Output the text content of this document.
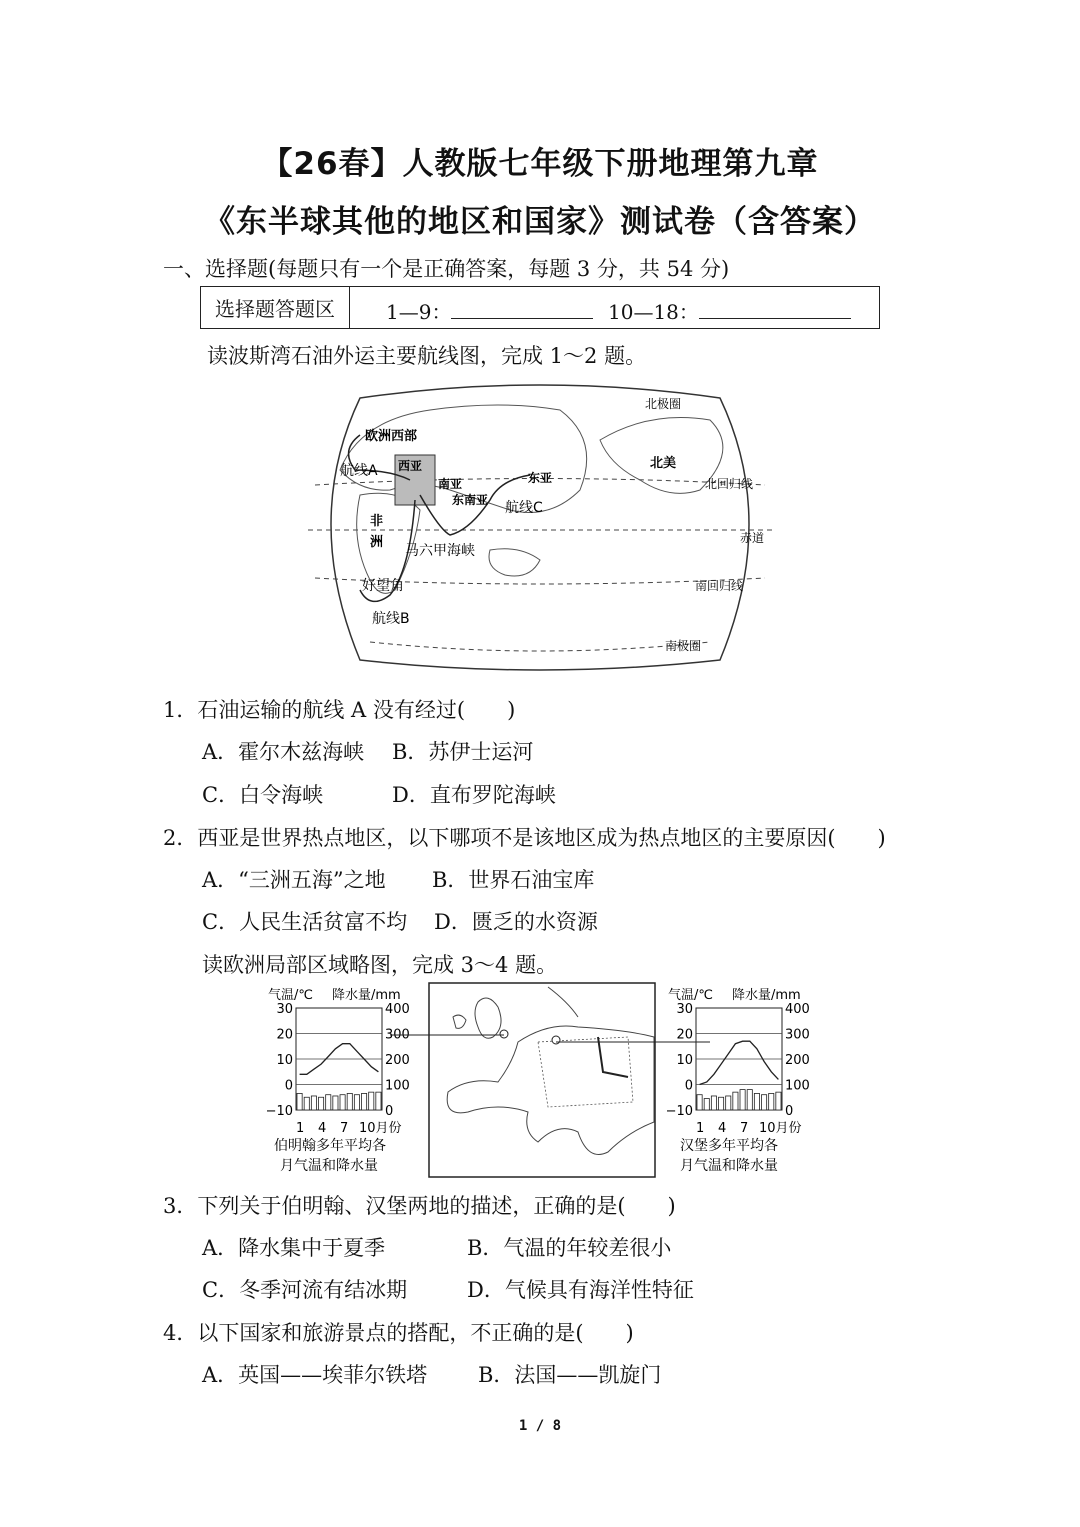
【26春】人教版七年级下册地理第九章
《东半球其他的地区和国家》测试卷（含答案）
一、选择题(每题只有一个是正确答案，每题 3 分，共 54 分)
选择题答题区	1—9：	10—18：
读波斯湾石油外运主要航线图，完成 1～2 题。
欧洲西部
航线A 西亚
南亚	东亚
东南亚 航线C
北美
北回归线
赤道
非
洲
马六甲海峡
好望角
航线B
南回归线
南极圈
北极圈
1．石油运输的航线 A 没有经过(　　)
A．霍尔木兹海峡 B．苏伊士运河
C．白令海峡	D．直布罗陀海峡
2．西亚是世界热点地区，以下哪项不是该地区成为热点地区的主要原因(　　)
A．“三洲五海”之地 B．世界石油宝库
C．人民生活贫富不均 D．匮乏的水资源
读欧洲局部区域略图，完成 3～4 题。
气温/℃ 降水量/mm
30
20
10
0
−10
400
300
200
100
0
1 4 7 10月份
伯明翰多年平均各
月气温和降水量
气温/℃ 降水量/mm
30
20
10
0
−10
400
300
200
100
0
1 4 7 10月份
汉堡多年平均各
月气温和降水量
3．下列关于伯明翰、汉堡两地的描述，正确的是(　　)
A．降水集中于夏季	B．气温的年较差很小
C．冬季河流有结冰期	D．气候具有海洋性特征
4．以下国家和旅游景点的搭配，不正确的是(　　)
A．英国——埃菲尔铁塔 B．法国——凯旋门
1 / 8
